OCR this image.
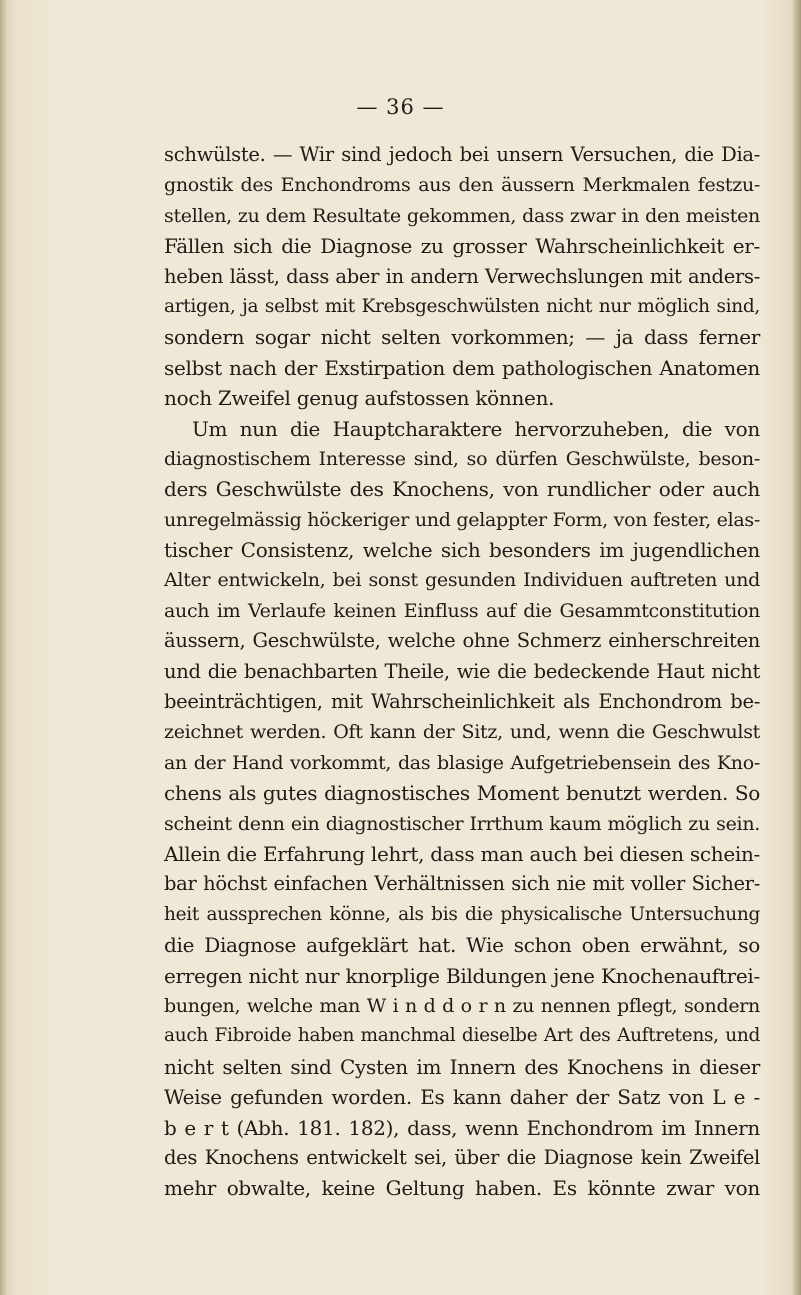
— 36 —
schwülste. — Wir sind jedoch bei unsern Versuchen, die Dia-
gnostik des Enchondroms aus den äussern Merkmalen festzu-
stellen, zu dem Resultate gekommen, dass zwar in den meisten
Fällen sich die Diagnose zu grosser Wahrscheinlichkeit er-
heben lässt, dass aber in andern Verwechslungen mit anders-
artigen, ja selbst mit Krebsgeschwülsten nicht nur möglich sind,
sondern sogar nicht selten vorkommen; — ja dass ferner
selbst nach der Exstirpation dem pathologischen Anatomen
noch Zweifel genug aufstossen können.
Um nun die Hauptcharaktere hervorzuheben, die von
diagnostischem Interesse sind, so dürfen Geschwülste, beson-
ders Geschwülste des Knochens, von rundlicher oder auch
unregelmässig höckeriger und gelappter Form, von fester, elas-
tischer Consistenz, welche sich besonders im jugendlichen
Alter entwickeln, bei sonst gesunden Individuen auftreten und
auch im Verlaufe keinen Einfluss auf die Gesammtconstitution
äussern, Geschwülste, welche ohne Schmerz einherschreiten
und die benachbarten Theile, wie die bedeckende Haut nicht
beeinträchtigen, mit Wahrscheinlichkeit als Enchondrom be-
zeichnet werden. Oft kann der Sitz, und, wenn die Geschwulst
an der Hand vorkommt, das blasige Aufgetriebensein des Kno-
chens als gutes diagnostisches Moment benutzt werden. So
scheint denn ein diagnostischer Irrthum kaum möglich zu sein.
Allein die Erfahrung lehrt, dass man auch bei diesen schein-
bar höchst einfachen Verhältnissen sich nie mit voller Sicher-
heit aussprechen könne, als bis die physicalische Untersuchung
die Diagnose aufgeklärt hat. Wie schon oben erwähnt, so
erregen nicht nur knorplige Bildungen jene Knochenauftrei-
bungen, welche man W i n d d o r n zu nennen pflegt, sondern
auch Fibroide haben manchmal dieselbe Art des Auftretens, und
nicht selten sind Cysten im Innern des Knochens in dieser
Weise gefunden worden. Es kann daher der Satz von L e -
b e r t (Abh. 181. 182), dass, wenn Enchondrom im Innern
des Knochens entwickelt sei, über die Diagnose kein Zweifel
mehr obwalte, keine Geltung haben. Es könnte zwar von
